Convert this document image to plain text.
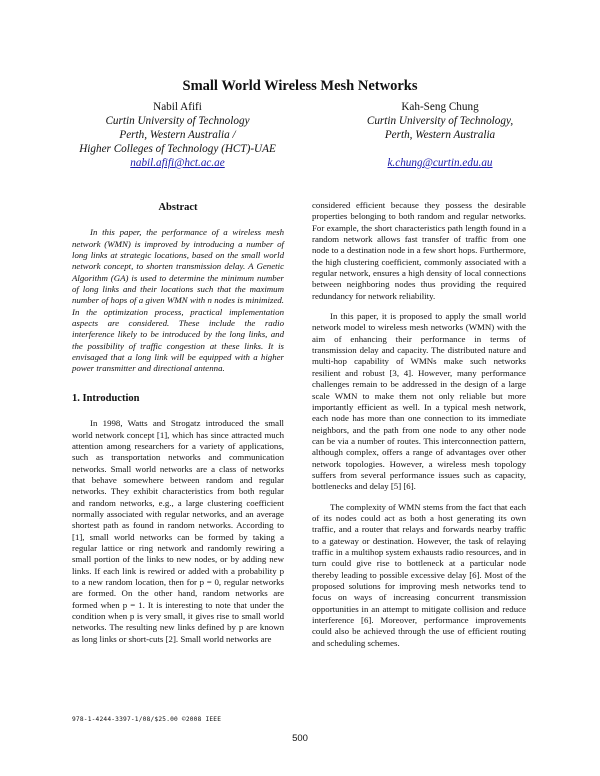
Small World Wireless Mesh Networks
Nabil Afifi
Curtin University of Technology
Perth, Western Australia /
Higher Colleges of Technology (HCT)-UAE
nabil.afifi@hct.ac.ae
Kah-Seng Chung
Curtin University of Technology,
Perth, Western Australia

k.chung@curtin.edu.au
Abstract

In this paper, the performance of a wireless mesh network (WMN) is improved by introducing a number of long links at strategic locations, based on the small world network concept, to shorten transmission delay. A Genetic Algorithm (GA) is used to determine the minimum number of long links and their locations such that the maximum number of hops of a given WMN with n nodes is minimized. In the optimization process, practical implementation aspects are considered. These include the radio interference likely to be introduced by the long links, and the possibility of traffic congestion at these links. It is envisaged that a long link will be equipped with a higher power transmitter and directional antenna.

1. Introduction

In 1998, Watts and Strogatz introduced the small world network concept [1], which has since attracted much attention among researchers for a variety of applications, such as transportation networks and communication networks. Small world networks are a class of networks that behave somewhere between random and regular networks. They exhibit characteristics from both regular and random networks, e.g., a large clustering coefficient normally associated with regular networks, and an average shortest path as found in random networks. According to [1], small world networks can be formed by taking a regular lattice or ring network and randomly rewiring a small portion of the links to new nodes, or by adding new links. If each link is rewired or added with a probability p to a new random location, then for p = 0, regular networks are formed. On the other hand, random networks are formed when p = 1. It is interesting to note that under the condition when p is very small, it gives rise to small world networks. The resulting new links defined by p are known as long links or short-cuts [2]. Small world networks are

considered efficient because they possess the desirable properties belonging to both random and regular networks. For example, the short characteristics path length found in a random network allows fast transfer of traffic from one node to a destination node in a few short hops. Furthermore, the high clustering coefficient, commonly associated with a regular network, ensures a high density of local connections between neighboring nodes thus providing the required redundancy for network reliability.

In this paper, it is proposed to apply the small world network model to wireless mesh networks (WMN) with the aim of enhancing their performance in terms of transmission delay and capacity. The distributed nature and multi-hop capability of WMNs make such networks resilient and robust [3, 4]. However, many performance challenges remain to be addressed in the design of a large scale WMN to make them not only reliable but more importantly efficient as well. In a typical mesh network, each node has more than one connection to its immediate neighbors, and the path from one node to any other node can be via a number of routes. This interconnection pattern, although complex, offers a range of advantages over other network topologies. However, a wireless mesh topology suffers from several performance issues such as capacity, bottlenecks and delay [5] [6].

The complexity of WMN stems from the fact that each of its nodes could act as both a host generating its own traffic, and a router that relays and forwards nearby traffic to a gateway or destination. However, the task of relaying traffic in a multihop system exhausts radio resources, and in turn could give rise to bottleneck at a particular node thereby leading to possible excessive delay [6]. Most of the proposed solutions for improving mesh networks tend to focus on ways of increasing concurrent transmission opportunities in an attempt to mitigate collision and reduce interference [6]. Moreover, performance improvements could also be achieved through the use of efficient routing and scheduling schemes.

978-1-4244-3397-1/08/$25.00 ©2008 IEEE
500
